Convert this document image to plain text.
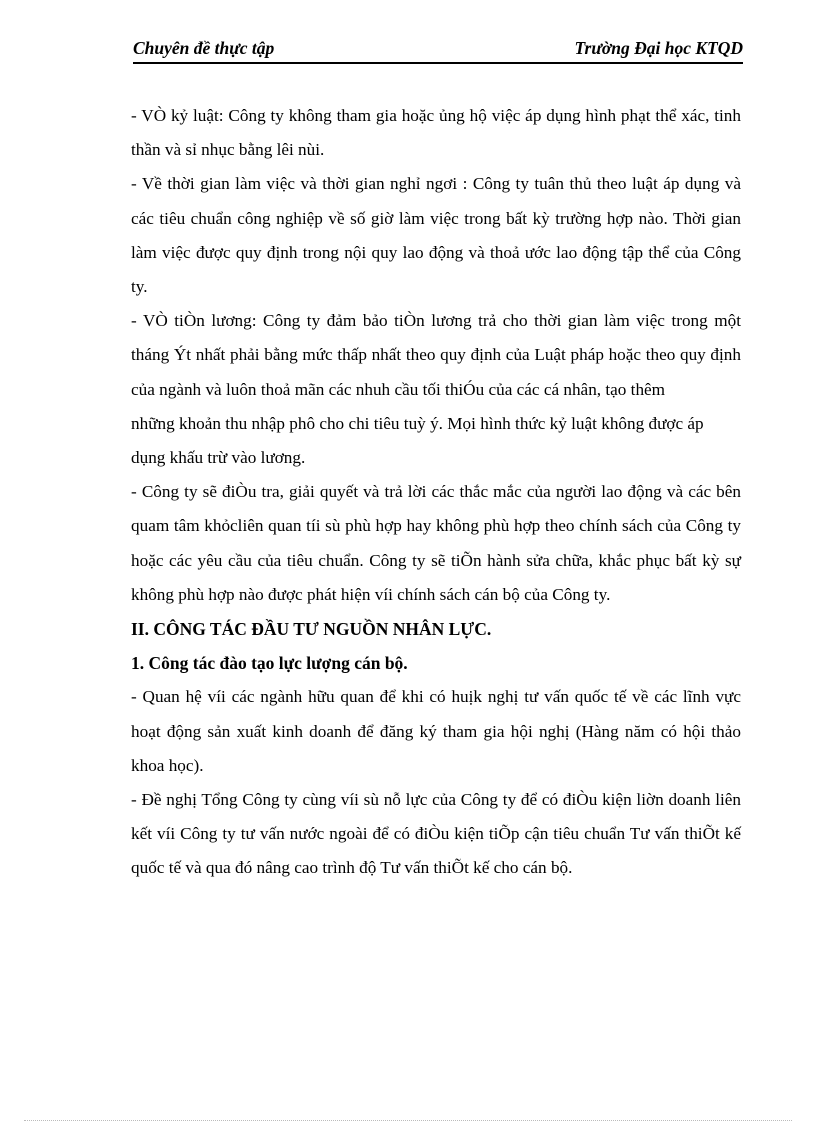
Chuyên đề thực tập	Trường Đại học KTQD

- VÒ kỷ luật: Công ty không tham gia hoặc ủng hộ việc áp dụng hình phạt thể xác, tinh thần và sỉ nhục bằng lêi nùi.

- Về thời gian làm việc và thời gian nghỉ ngơi : Công ty tuân thủ theo luật áp dụng và các tiêu chuẩn công nghiệp về số giờ làm việc trong bất kỳ trường hợp nào. Thời gian làm việc được quy định trong nội quy lao động và thoả ước lao động tập thể của Công ty.

- VÒ tiÒn lương: Công ty đảm bảo tiÒn lương trả cho thời gian làm việc trong một tháng Ýt nhất phải bằng mức thấp nhất theo quy định của Luật pháp hoặc theo quy định của ngành và luôn thoả mãn các nhuh cầu tối thiÓu của các cá nhân, tạo thêm

những khoản thu nhập phô cho chi tiêu tuỳ ý. Mọi hình thức kỷ luật không được áp dụng khấu trừ vào lương.

- Công ty sẽ điÒu tra, giải quyết và trả lời các thắc mắc của người lao động và các bên quam tâm khỏcliên quan tíi sù phù hợp hay không phù hợp theo chính sách của Công ty hoặc các yêu cầu của tiêu chuẩn. Công ty sẽ tiÕn hành sửa chữa, khắc phục bất kỳ sự không phù hợp nào được phát hiện víi chính sách cán bộ của Công ty.

II. CÔNG TÁC ĐẦU TƯ NGUỒN NHÂN LỰC.
1. Công tác đào tạo lực lượng cán bộ.

- Quan hệ víi các ngành hữu quan để khi có huịk nghị tư vấn quốc tế về các lĩnh vực hoạt động sản xuất kinh doanh để đăng ký tham gia hội nghị (Hàng năm có hội thảo khoa học).

- Đề nghị Tổng Công ty cùng víi sù nỗ lực của Công ty để có điÒu kiện liờn doanh liên kết víi Công ty tư vấn nước ngoài để có điÒu kiện tiÕp cận tiêu chuẩn Tư vấn thiÕt kế quốc tế và qua đó nâng cao trình độ Tư vấn thiÕt kế cho cán bộ.
